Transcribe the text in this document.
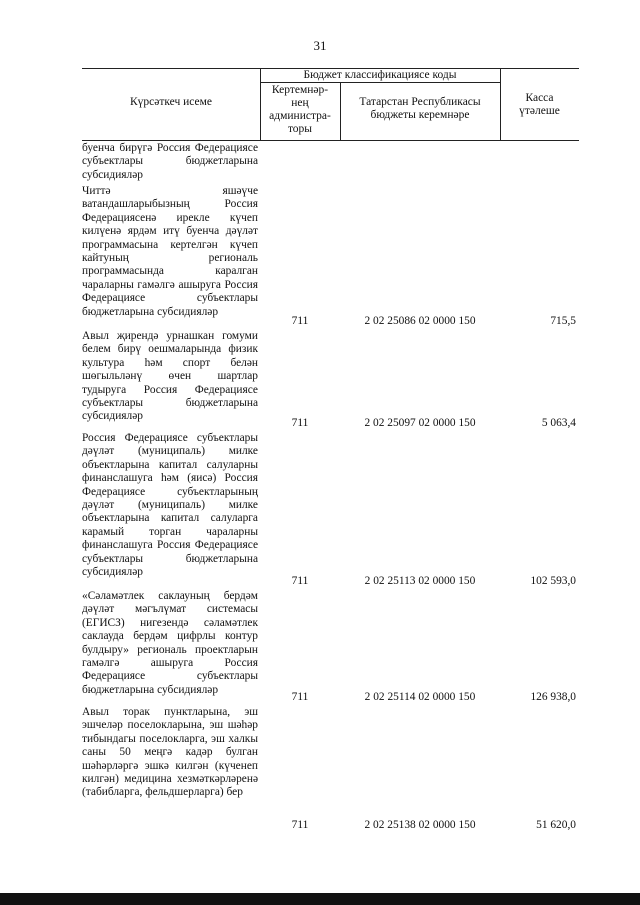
31
Күрсәткеч исеме
Бюджет классификациясе коды
Кертемнәр-
нең
администра-
торы
Татарстан Республикасы
бюджеты керемнәре
Касса
үтәлеше
буенча бирүгә Россия Федерациясе субъектлары бюджетларына субсидияләр
Читтә яшәүче ватандашларыбызның Россия Федерациясенә ирекле күчеп килүенә ярдәм итү буенча дәүләт программасына кертелгән күчеп кайтуның региональ программасында каралган чараларны гамәлгә ашыруга Россия Федерациясе субъектлары бюджетларына субсидияләр
711	2 02 25086 02 0000 150	715,5
Авыл җирендә урнашкан гомуми белем бирү оешмаларында физик культура һәм спорт белән шөгыльләнү өчен шартлар тудыруга Россия Федерациясе субъектлары бюджетларына субсидияләр
711	2 02 25097 02 0000 150	5 063,4
Россия Федерациясе субъектлары дәүләт (муниципаль) милке объектларына капитал салуларны финанслашуга һәм (яисә) Россия Федерациясе субъектларының дәүләт (муниципаль) милке объектларына капитал салуларга карамый торган чараларны финанслашуга Россия Федерациясе субъектлары бюджетларына субсидияләр
711	2 02 25113 02 0000 150	102 593,0
«Сәламәтлек саклауның бердәм дәүләт мәгълүмат системасы (ЕГИСЗ) нигезендә сәламәтлек саклауда бердәм цифрлы контур булдыру» региональ проектларын гамәлгә ашыруга Россия Федерациясе субъектлары бюджетларына субсидияләр
711	2 02 25114 02 0000 150	126 938,0
Авыл торак пунктларына, эш эшчеләр поселокларына, эш шәһәр тибындагы поселокларга, эш халкы саны 50 меңгә кадәр булган шәһәрләргә эшкә килгән (күченеп килгән) медицина хезмәткәрләренә (табибларга, фельдшерларга) бер
711	2 02 25138 02 0000 150	51 620,0
